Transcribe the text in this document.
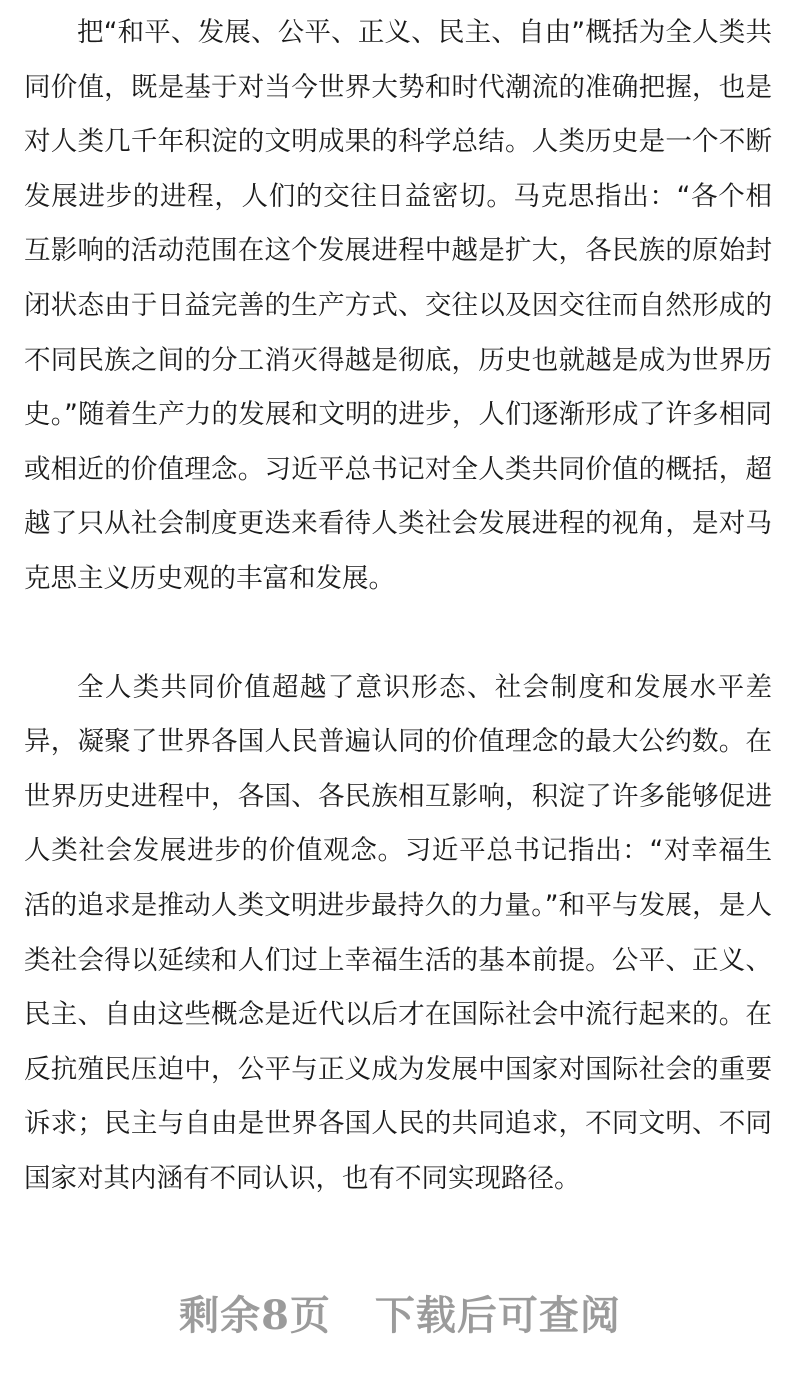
把“和平、发展、公平、正义、民主、自由”概括为全人类共同价值，既是基于对当今世界大势和时代潮流的准确把握，也是对人类几千年积淀的文明成果的科学总结。人类历史是一个不断发展进步的进程，人们的交往日益密切。马克思指出：“各个相互影响的活动范围在这个发展进程中越是扩大，各民族的原始封闭状态由于日益完善的生产方式、交往以及因交往而自然形成的不同民族之间的分工消灭得越是彻底，历史也就越是成为世界历史。”随着生产力的发展和文明的进步，人们逐渐形成了许多相同或相近的价值理念。习近平总书记对全人类共同价值的概括，超越了只从社会制度更迭来看待人类社会发展进程的视角，是对马克思主义历史观的丰富和发展。

全人类共同价值超越了意识形态、社会制度和发展水平差异，凝聚了世界各国人民普遍认同的价值理念的最大公约数。在世界历史进程中，各国、各民族相互影响，积淀了许多能够促进人类社会发展进步的价值观念。习近平总书记指出：“对幸福生活的追求是推动人类文明进步最持久的力量。”和平与发展，是人类社会得以延续和人们过上幸福生活的基本前提。公平、正义、民主、自由这些概念是近代以后才在国际社会中流行起来的。在反抗殖民压迫中，公平与正义成为发展中国家对国际社会的重要诉求；民主与自由是世界各国人民的共同追求，不同文明、不同国家对其内涵有不同认识，也有不同实现路径。

剩余8页 下载后可查阅
